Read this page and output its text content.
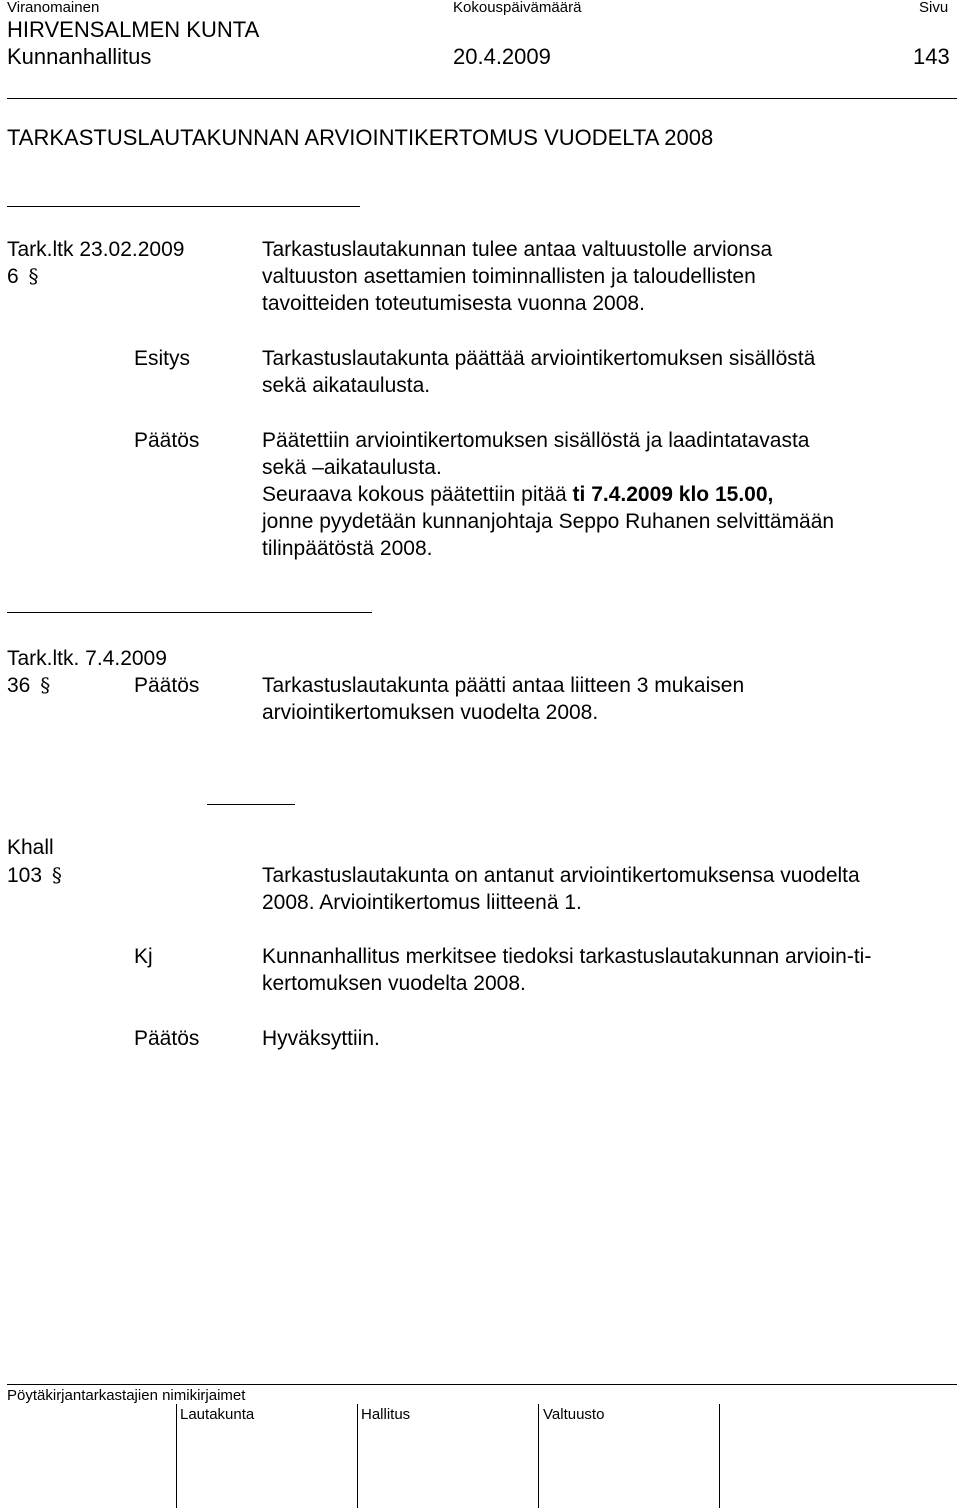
Viranomainen	Kokouspäivämäärä	Sivu
HIRVENSALMEN KUNTA
Kunnanhallitus	20.4.2009	143
TARKASTUSLAUTAKUNNAN ARVIOINTIKERTOMUS VUODELTA 2008
Tark.ltk 23.02.2009
6 §
Tarkastuslautakunnan tulee antaa valtuustolle arvionsa
valtuuston asettamien toiminnallisten ja taloudellisten
tavoitteiden toteutumisesta vuonna 2008.
Esitys	Tarkastuslautakunta päättää arviointikertomuksen sisällöstä
sekä aikataulusta.
Päätös	Päätettiin arviointikertomuksen sisällöstä ja laadintatavasta
sekä –aikataulusta.
Seuraava kokous päätettiin pitää ti 7.4.2009 klo 15.00,
jonne pyydetään kunnanjohtaja Seppo Ruhanen selvittämään
tilinpäätöstä 2008.
Tark.ltk. 7.4.2009
36 §	Päätös	Tarkastuslautakunta päätti antaa liitteen 3 mukaisen
arviointikertomuksen vuodelta 2008.
Khall
103 §	Tarkastuslautakunta on antanut arviointikertomuksensa vuodelta
2008. Arviointikertomus liitteenä 1.
Kj	Kunnanhallitus merkitsee tiedoksi tarkastuslautakunnan arvioin-ti-
kertomuksen vuodelta 2008.
Päätös	Hyväksyttiin.
Pöytäkirjantarkastajien nimikirjaimet
Lautakunta	Hallitus	Valtuusto
